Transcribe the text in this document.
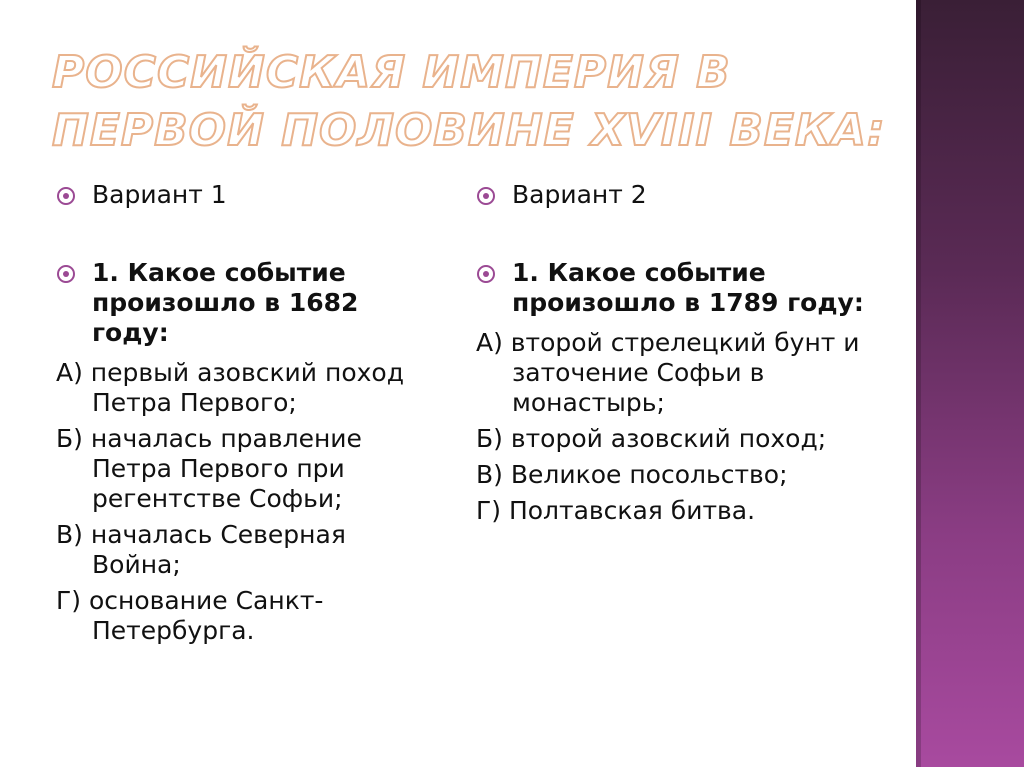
РОССИЙСКАЯ ИМПЕРИЯ В ПЕРВОЙ ПОЛОВИНЕ XVIII ВЕКА:
Вариант 1
1. Какое событие произошло в 1682 году:
А) первый азовский поход Петра Первого;
Б) началась правление Петра Первого при регентстве Софьи;
В) началась Северная Война;
Г) основание Санкт-Петербурга.
Вариант 2
1. Какое событие произошло в 1789 году:
А) второй стрелецкий бунт и заточение Софьи в монастырь;
Б) второй азовский поход;
В) Великое посольство;
Г) Полтавская битва.
